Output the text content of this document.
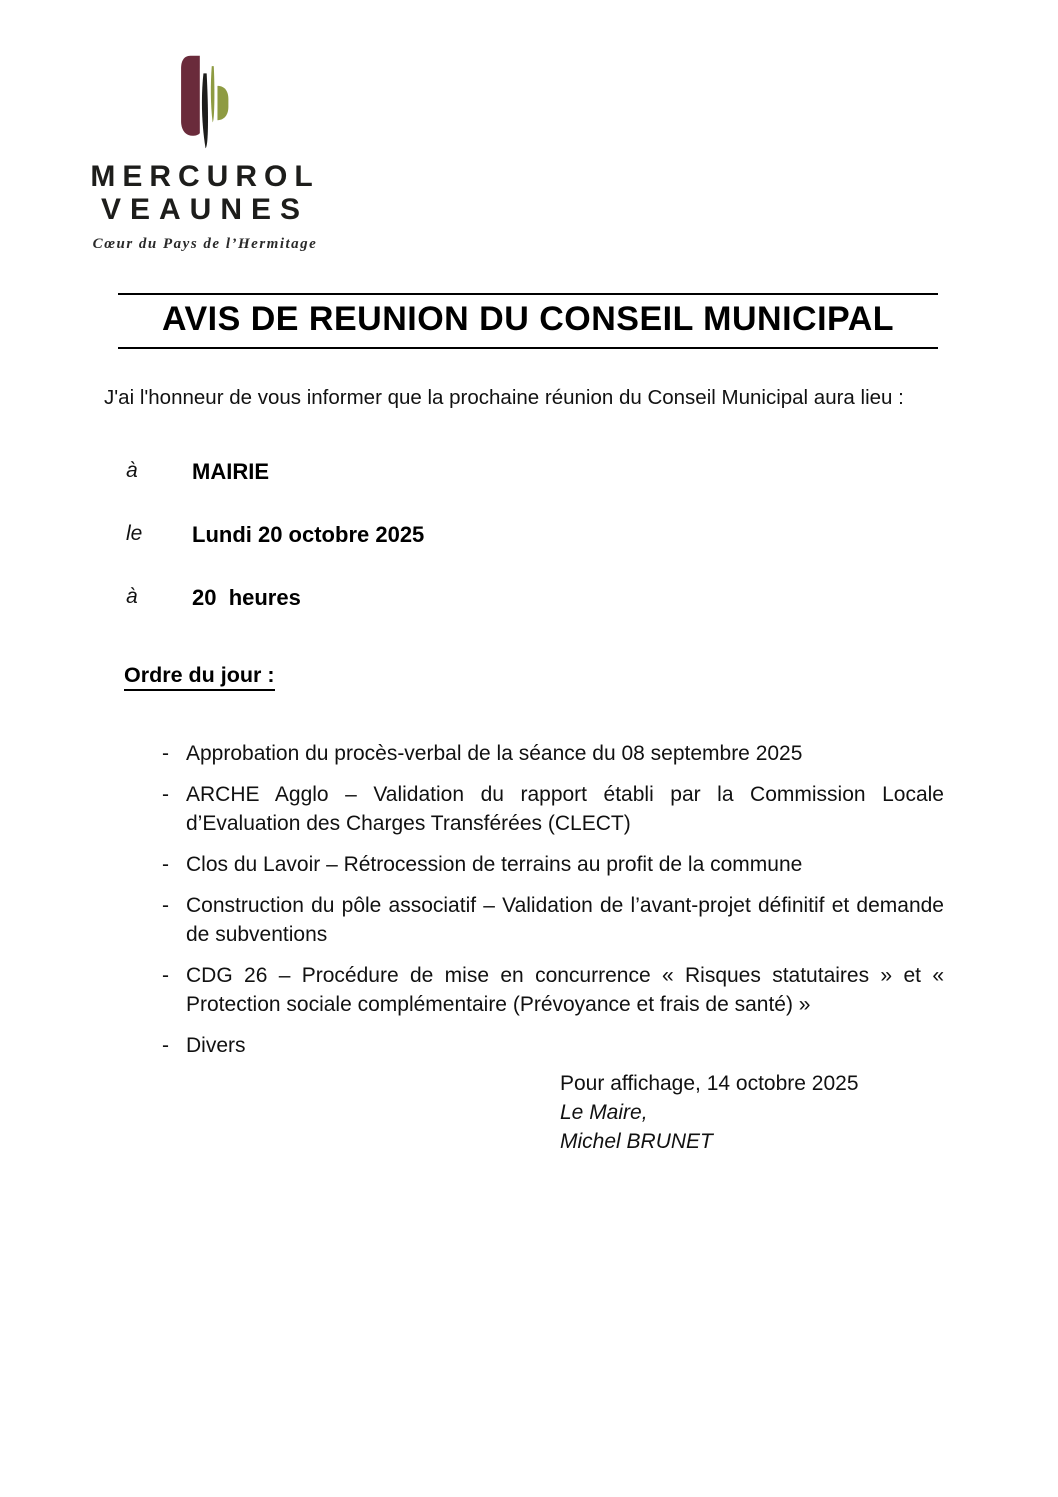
MERCUROL
VEAUNES
Cœur du Pays de l’Hermitage
AVIS DE REUNION DU CONSEIL MUNICIPAL

J'ai l'honneur de vous informer que la prochaine réunion du Conseil Municipal aura lieu :

à	MAIRIE
le	Lundi 20 octobre 2025
à	20  heures
Ordre du jour :
- Approbation du procès-verbal de la séance du 08 septembre 2025
- ARCHE Agglo – Validation du rapport établi par la Commission Locale d’Evaluation des Charges Transférées (CLECT)
- Clos du Lavoir – Rétrocession de terrains au profit de la commune
- Construction du pôle associatif – Validation de l’avant-projet définitif et demande de subventions
- CDG 26 – Procédure de mise en concurrence « Risques statutaires » et « Protection sociale complémentaire (Prévoyance et frais de santé) »
- Divers
Pour affichage, 14 octobre 2025
Le Maire,
Michel BRUNET
